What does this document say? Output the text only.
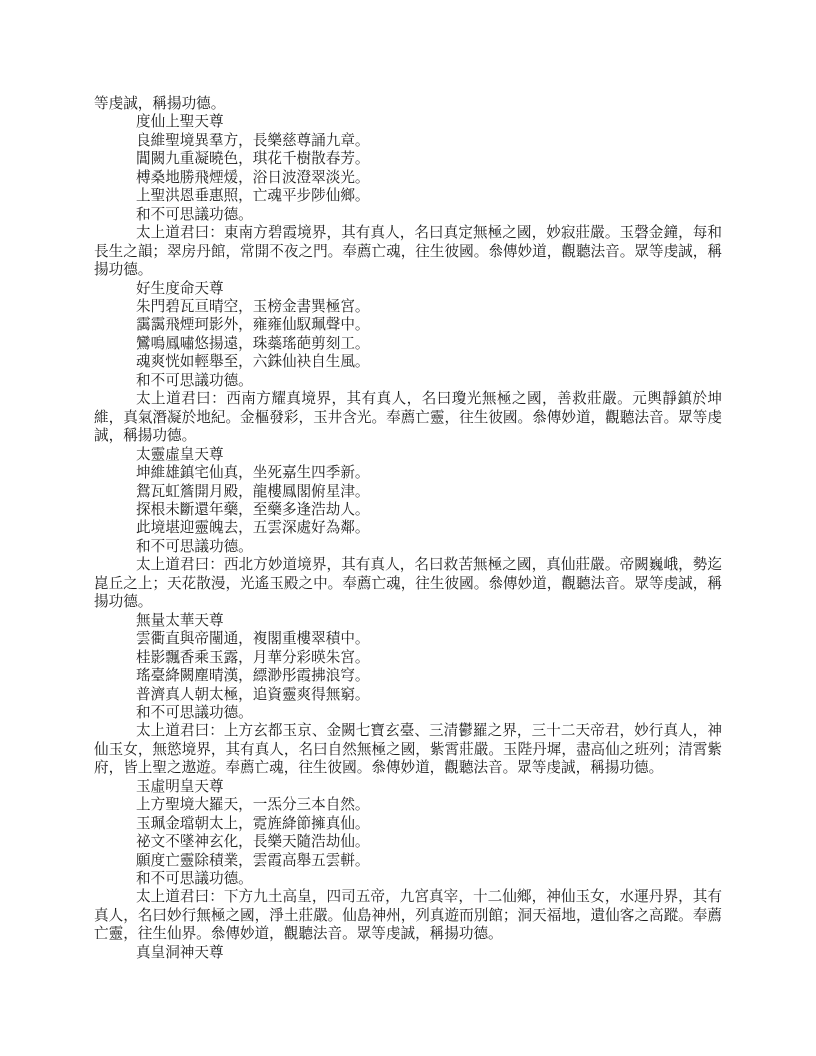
等虔誠，稱揚功德。

度仙上聖天尊

良維聖境異羣方，長樂慈尊誦九章。

閶闕九重凝曉色，琪花千樹散春芳。

榑桑地勝飛煙煖，浴日波澄翠淡光。

上聖洪恩垂惠照，亡魂平步陟仙鄉。

和不可思議功德。

太上道君曰：東南方碧霞境界，其有真人，名曰真定無極之國，妙寂莊嚴。玉磬金鐘，每和長生之韻；翠房丹館，常開不夜之門。奉薦亡魂，往生彼國。叅傳妙道，觀聽法音。眾等虔誠，稱揚功德。

好生度命天尊

朱門碧瓦亘晴空，玉榜金書巽極宮。

靄靄飛煙珂影外，雍雍仙馭珮聲中。

鸞鳴鳳嘯悠揚遠，珠蘂瑤葩剪刻工。

魂爽恍如輕舉至，六銖仙袂自生風。

和不可思議功德。

太上道君曰：西南方耀真境界，其有真人，名曰瓊光無極之國，善救莊嚴。元輿靜鎮於坤維，真氣潛凝於地紀。金樞發彩，玉井含光。奉薦亡靈，往生彼國。叅傳妙道，觀聽法音。眾等虔誠，稱揚功德。

太靈虛皇天尊

坤維雄鎮宅仙真，坐死嘉生四季新。

鴛瓦虹簷開月殿，龍樓鳳閣俯星津。

探根未斷還年藥，至藥多逢浩劫人。

此境堪迎靈魄去，五雲深處好為鄰。

和不可思議功德。

太上道君曰：西北方妙道境界，其有真人，名曰救苦無極之國，真仙莊嚴。帝闕巍峨，勢迄崑丘之上；天花散漫，光遙玉殿之中。奉薦亡魂，往生彼國。叅傳妙道，觀聽法音。眾等虔誠，稱揚功德。

無量太華天尊

雲衢直與帝闉通，複閣重樓翠積中。

桂影飄香乘玉露，月華分彩暎朱宮。

瑤臺絳闕塵晴漢，縹渺彤霞拂浪穹。

普濟真人朝太極，追資靈爽得無窮。

和不可思議功德。

太上道君曰：上方玄都玉京、金闕七寶玄臺、三清鬱羅之界，三十二天帝君，妙行真人，神仙玉女，無慾境界，其有真人，名曰自然無極之國，紫霄莊嚴。玉陛丹墀，盡高仙之班列；清霄紫府，皆上聖之遨遊。奉薦亡魂，往生彼國。叅傳妙道，觀聽法音。眾等虔誠，稱揚功德。

玉虛明皇天尊

上方聖境大羅天，一炁分三本自然。

玉珮金璫朝太上，霓旌絳節擁真仙。

祕文不墜神玄化，長樂天隨浩劫仙。

願度亡靈除積業，雲霞高舉五雲軿。

和不可思議功德。

太上道君曰：下方九土高皇，四司五帝，九宮真宰，十二仙鄉，神仙玉女，水運丹界，其有真人，名曰妙行無極之國，淨土莊嚴。仙島神州，列真遊而別館；洞天福地，遺仙客之高蹤。奉薦亡靈，往生仙界。叅傳妙道，觀聽法音。眾等虔誠，稱揚功德。

真皇洞神天尊
